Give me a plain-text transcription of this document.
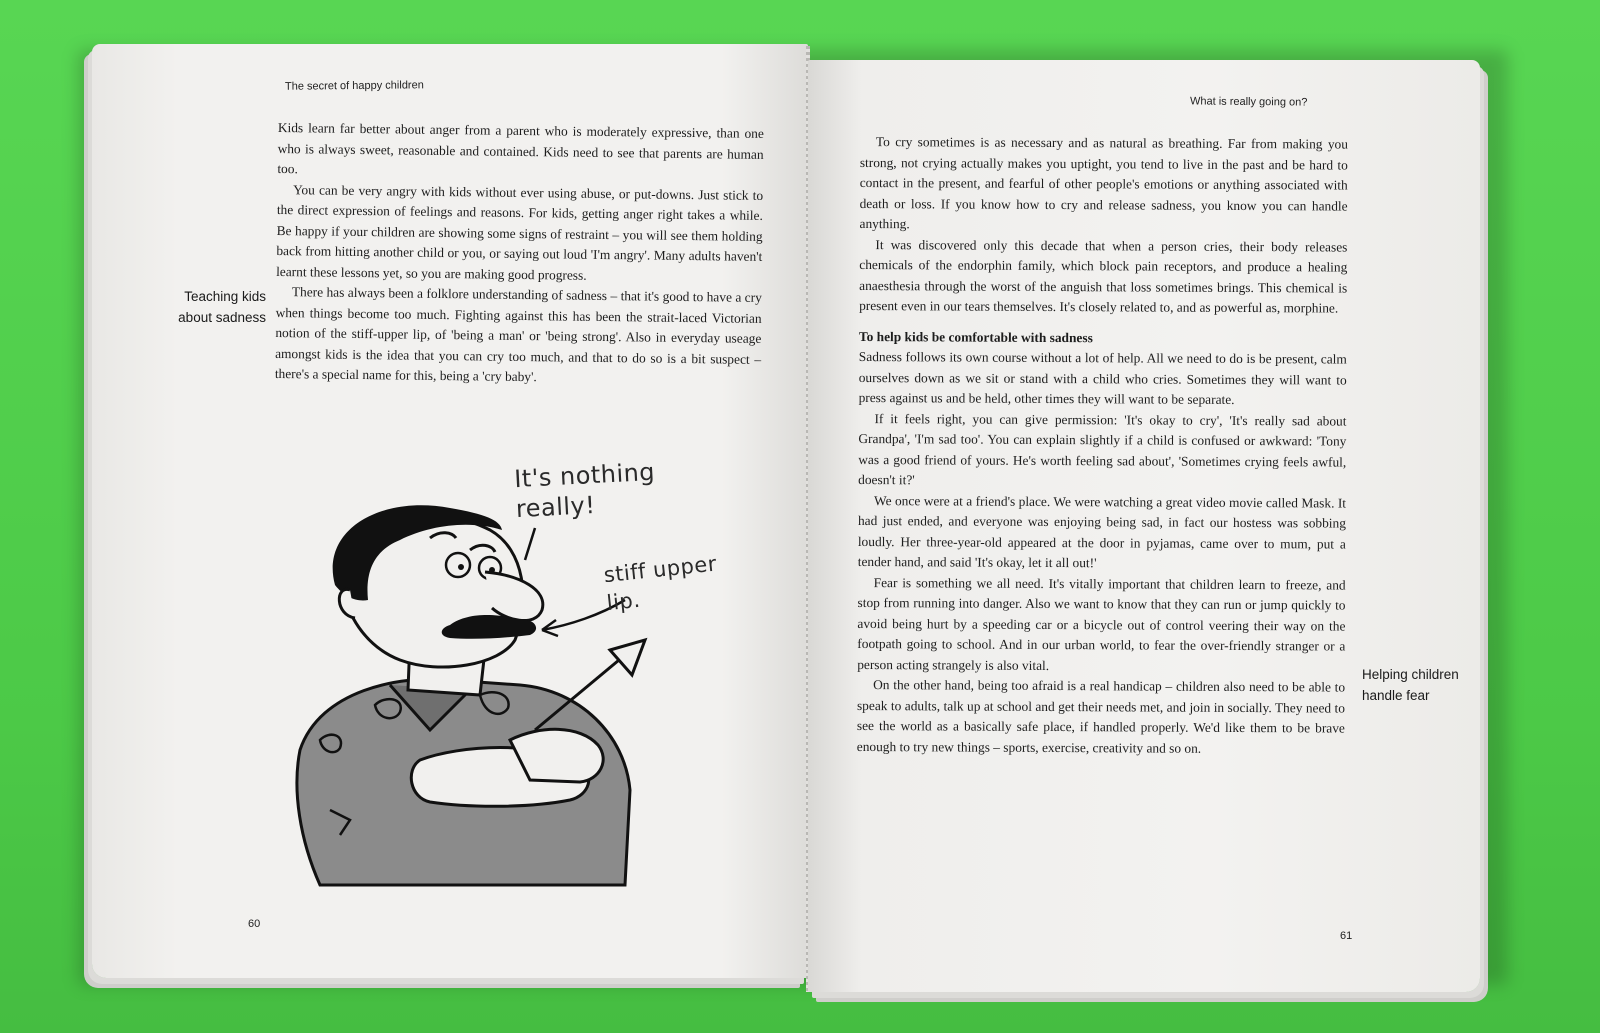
The secret of happy children

Kids learn far better about anger from a parent who is moderately expressive, than one who is always sweet, reasonable and contained. Kids need to see that parents are human too.

You can be very angry with kids without ever using abuse, or put-downs. Just stick to the direct expression of feelings and reasons. For kids, getting anger right takes a while. Be happy if your children are showing some signs of restraint – you will see them holding back from hitting another child or you, or saying out loud 'I'm angry'. Many adults haven't learnt these lessons yet, so you are making good progress.

There has always been a folklore understanding of sadness – that it's good to have a cry when things become too much. Fighting against this has been the strait-laced Victorian notion of the stiff-upper lip, of 'being a man' or 'being strong'. Also in everyday useage amongst kids is the idea that you can cry too much, and that to do so is a bit suspect – there's a special name for this, being a 'cry baby'.

Teaching kids about sadness
It's nothing really!
stiff upper lip.
60
What is really going on?

To cry sometimes is as necessary and as natural as breathing. Far from making you strong, not crying actually makes you uptight, you tend to live in the past and be hard to contact in the present, and fearful of other people's emotions or anything associated with death or loss. If you know how to cry and release sadness, you know you can handle anything.

It was discovered only this decade that when a person cries, their body releases chemicals of the endorphin family, which block pain receptors, and produce a healing anaesthesia through the worst of the anguish that loss sometimes brings. This chemical is present even in our tears themselves. It's closely related to, and as powerful as, morphine.

To help kids be comfortable with sadness

Sadness follows its own course without a lot of help. All we need to do is be present, calm ourselves down as we sit or stand with a child who cries. Sometimes they will want to press against us and be held, other times they will want to be separate.

If it feels right, you can give permission: 'It's okay to cry', 'It's really sad about Grandpa', 'I'm sad too'. You can explain slightly if a child is confused or awkward: 'Tony was a good friend of yours. He's worth feeling sad about', 'Sometimes crying feels awful, doesn't it?'

We once were at a friend's place. We were watching a great video movie called Mask. It had just ended, and everyone was enjoying being sad, in fact our hostess was sobbing loudly. Her three-year-old appeared at the door in pyjamas, came over to mum, put a tender hand, and said 'It's okay, let it all out!'

Fear is something we all need. It's vitally important that children learn to freeze, and stop from running into danger. Also we want to know that they can run or jump quickly to avoid being hurt by a speeding car or a bicycle out of control veering their way on the footpath going to school. And in our urban world, to fear the over-friendly stranger or a person acting strangely is also vital.

On the other hand, being too afraid is a real handicap – children also need to be able to speak to adults, talk up at school and get their needs met, and join in socially. They need to see the world as a basically safe place, if handled properly. We'd like them to be brave enough to try new things – sports, exercise, creativity and so on.

Helping children handle fear
61
